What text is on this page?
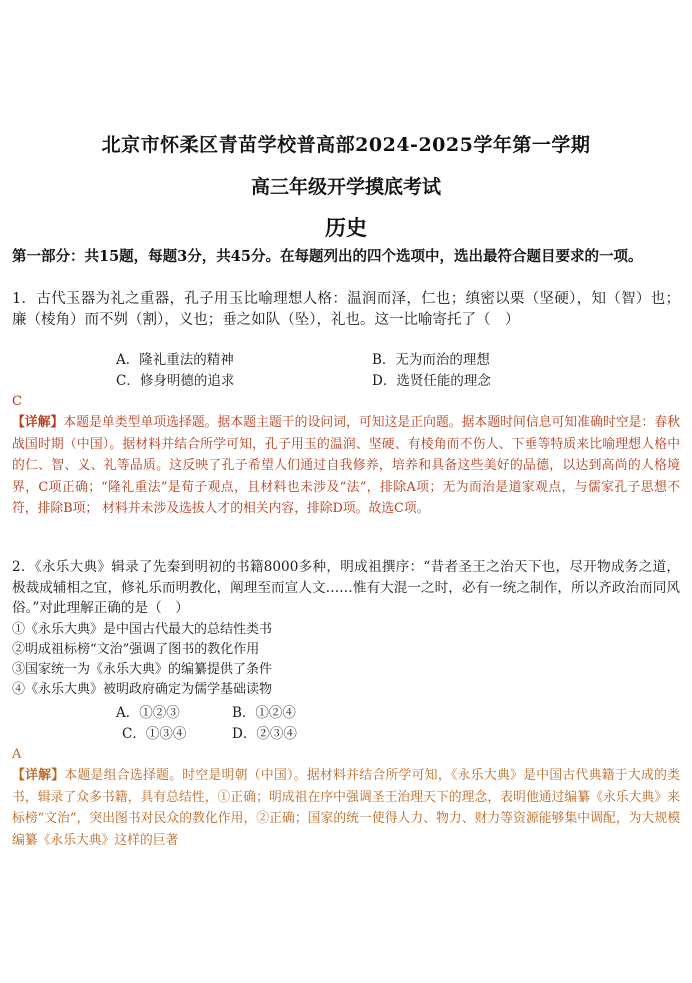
北京市怀柔区青苗学校普高部2024-2025学年第一学期
高三年级开学摸底考试
历史
第一部分：共15题，每题3分，共45分。在每题列出的四个选项中，选出最符合题目要求的一项。
1．古代玉器为礼之重器，孔子用玉比喻理想人格：温润而泽，仁也；缜密以栗（坚硬），知（智）也；廉（棱角）而不刿（割），义也；垂之如队（坠），礼也。这一比喻寄托了（　）
A．隆礼重法的精神	B．无为而治的理想
C．修身明德的追求	D．选贤任能的理念
C
【详解】本题是单类型单项选择题。据本题主题干的设问词，可知这是正向题。据本题时间信息可知准确时空是：春秋战国时期（中国）。据材料并结合所学可知，孔子用玉的温润、坚硬、有棱角而不伤人、下垂等特质来比喻理想人格中的仁、智、义、礼等品质。这反映了孔子希望人们通过自我修养，培养和具备这些美好的品德，以达到高尚的人格境界，C项正确；“隆礼重法”是荀子观点，且材料也未涉及“法”，排除A项；无为而治是道家观点，与儒家孔子思想不符，排除B项； 材料并未涉及选拔人才的相关内容，排除D项。故选C项。
2．《永乐大典》辑录了先秦到明初的书籍8000多种，明成祖撰序：“昔者圣王之治天下也，尽开物成务之道，极裁成辅相之宜，修礼乐而明教化，阐理至而宣人文……惟有大混一之时，必有一统之制作，所以齐政治而同风俗。”对此理解正确的是（　）
①《永乐大典》是中国古代最大的总结性类书
②明成祖标榜“文治”强调了图书的教化作用
③国家统一为《永乐大典》的编纂提供了条件
④《永乐大典》被明政府确定为儒学基础读物
A．①②③	B．①②④
C．①③④	D．②③④
A
【详解】本题是组合选择题。时空是明朝（中国）。据材料并结合所学可知，《永乐大典》是中国古代典籍于大成的类书，辑录了众多书籍，具有总结性，①正确；明成祖在序中强调圣王治理天下的理念，表明他通过编纂《永乐大典》来标榜“文治”，突出图书对民众的教化作用，②正确；国家的统一使得人力、物力、财力等资源能够集中调配，为大规模编纂《永乐大典》这样的巨著
